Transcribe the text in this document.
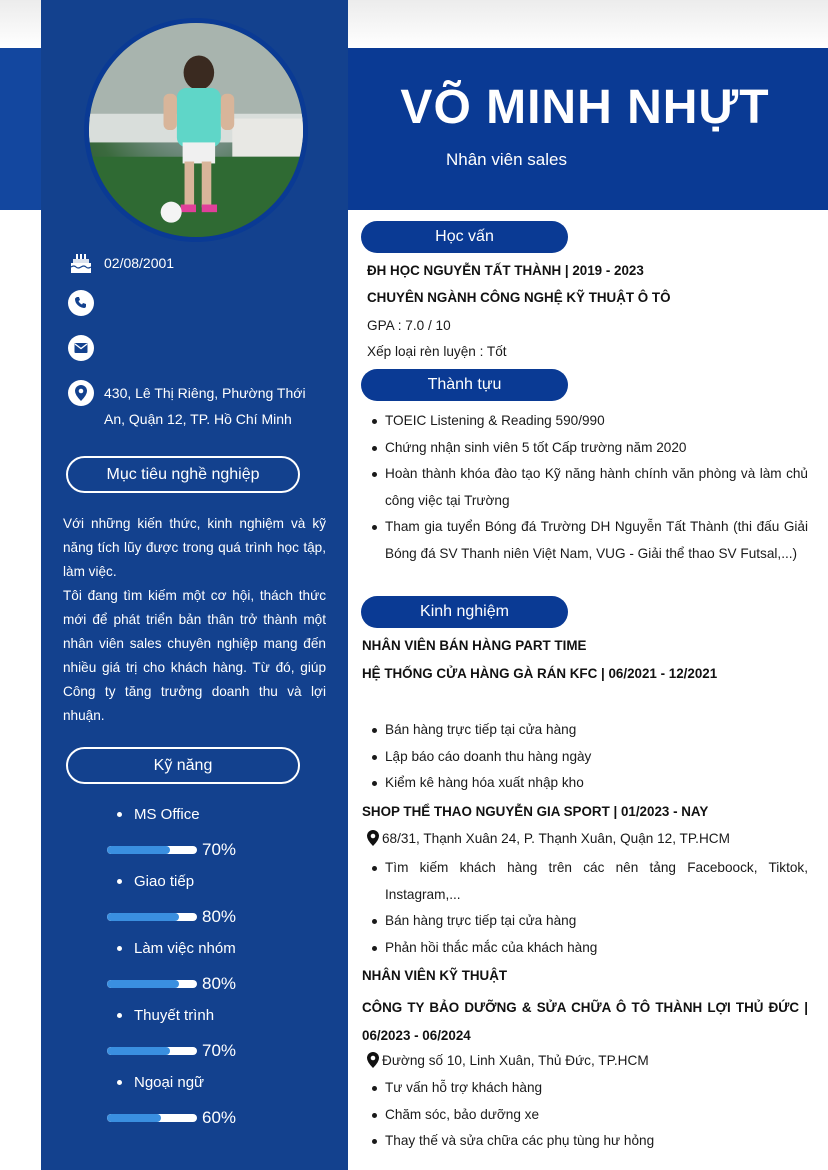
VÕ MINH NHỰT
Nhân viên sales
02/08/2001
430, Lê Thị Riêng, Phường Thới An, Quận 12, TP. Hồ Chí Minh
Mục tiêu nghề nghiệp
Với những kiến thức, kinh nghiệm và kỹ năng tích lũy được trong quá trình học tập, làm việc.
Tôi đang tìm kiếm một cơ hội, thách thức mới để phát triển bản thân trở thành một nhân viên sales chuyên nghiệp mang đến nhiều giá trị cho khách hàng. Từ đó, giúp Công ty tăng trưởng doanh thu và lợi nhuận.
Kỹ năng
MS Office
70%
Giao tiếp
80%
Làm việc nhóm
80%
Thuyết trình
70%
Ngoại ngữ
60%
Học vấn
ĐH HỌC NGUYỄN TẤT THÀNH | 2019 - 2023
CHUYÊN NGÀNH CÔNG NGHỆ KỸ THUẬT Ô TÔ
GPA : 7.0 / 10
Xếp loại rèn luyện : Tốt
Thành tựu
TOEIC Listening & Reading 590/990
Chứng nhận sinh viên 5 tốt Cấp trường năm 2020
Hoàn thành khóa đào tạo Kỹ năng hành chính văn phòng và làm chủ công việc tại Trường
Tham gia tuyển Bóng đá Trường DH Nguyễn Tất Thành (thi đấu Giải Bóng đá SV Thanh niên Việt Nam, VUG - Giải thể thao SV Futsal,...)
Kinh nghiệm
NHÂN VIÊN BÁN HÀNG PART TIME
HỆ THỐNG CỬA HÀNG GÀ RÁN KFC | 06/2021 - 12/2021
Bán hàng trực tiếp tại cửa hàng
Lập báo cáo doanh thu hàng ngày
Kiểm kê hàng hóa xuất nhập kho
SHOP THỂ THAO NGUYỄN GIA SPORT | 01/2023 - NAY
68/31, Thạnh Xuân 24, P. Thạnh Xuân, Quận 12, TP.HCM
Tìm kiếm khách hàng trên các nên tảng Faceboock, Tiktok, Instagram,...
Bán hàng trực tiếp tại cửa hàng
Phản hồi thắc mắc của khách hàng
NHÂN VIÊN KỸ THUẬT
CÔNG TY BẢO DƯỠNG & SỬA CHỮA Ô TÔ THÀNH LỢI THỦ ĐỨC | 06/2023 - 06/2024
Đường số 10, Linh Xuân, Thủ Đức, TP.HCM
Tư vấn hỗ trợ khách hàng
Chăm sóc, bảo dưỡng xe
Thay thế và sửa chữa các phụ tùng hư hỏng
